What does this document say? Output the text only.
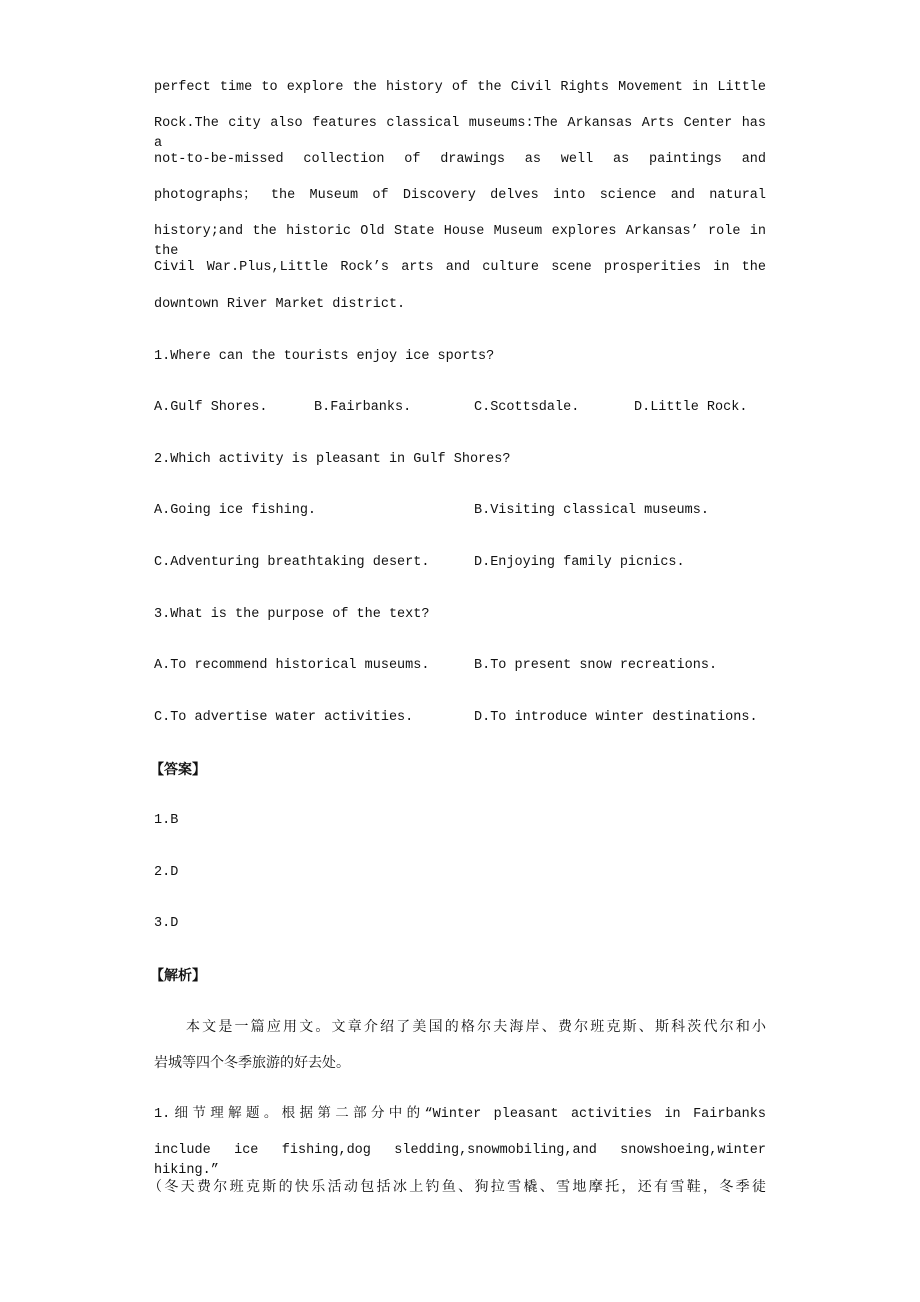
perfect time to explore the history of the Civil Rights Movement in Little
Rock.The city also features classical museums:The Arkansas Arts Center has a
not-to-be-missed collection of drawings as well as paintings and
photographs； the Museum of Discovery delves into science and natural
history;and the historic Old State House Museum explores Arkansas’ role in the
Civil War.Plus,Little Rock’s arts and culture scene prosperities in the
downtown River Market district.
1.Where can the tourists enjoy ice sports?
A.Gulf Shores.	B.Fairbanks.	C.Scottsdale.	D.Little Rock.
2.Which activity is pleasant in Gulf Shores?
A.Going ice fishing.	B.Visiting classical museums.
C.Adventuring breathtaking desert.	D.Enjoying family picnics.
3.What is the purpose of the text?
A.To recommend historical museums.	B.To present snow recreations.
C.To advertise water activities.	D.To introduce winter destinations.
【答案】
1.B
2.D
3.D
【解析】
本文是一篇应用文。文章介绍了美国的格尔夫海岸、费尔班克斯、斯科茨代尔和小
岩城等四个冬季旅游的好去处。
1.细节理解题。根据第二部分中的“Winter pleasant activities in Fairbanks
include ice fishing,dog sledding,snowmobiling,and snowshoeing,winter hiking.”
（冬天费尔班克斯的快乐活动包括冰上钓鱼、狗拉雪橇、雪地摩托，还有雪鞋，冬季徒
